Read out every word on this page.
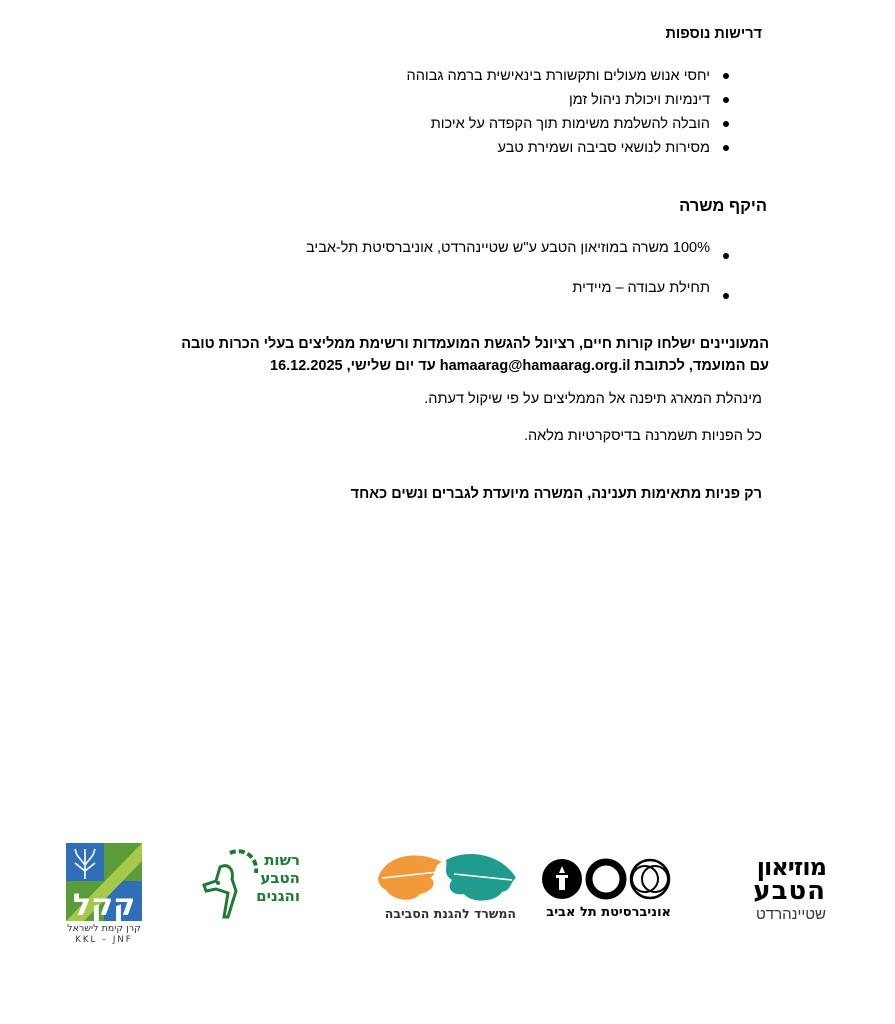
דרישות נוספות
יחסי אנוש מעולים ותקשורת בינאישית ברמה גבוהה
דינמיות ויכולת ניהול זמן
הובלה להשלמת משימות תוך הקפדה על איכות
מסירות לנושאי סביבה ושמירת טבע
היקף משרה
100% משרה במוזיאון הטבע ע"ש שטיינהרדט, אוניברסיטת תל-אביב
תחילת עבודה – מיידית
המעוניינים ישלחו קורות חיים, רציונל להגשת המועמדות ורשימת ממליצים בעלי הכרות טובה
עם המועמד, לכתובת hamaarag@hamaarag.org.il עד יום שלישי, 16.12.2025
מינהלת המארג תיפנה אל הממליצים על פי שיקול דעתה.
כל הפניות תשמרנה בדיסקרטיות מלאה.
רק פניות מתאימות תענינה, המשרה מיועדת לגברים ונשים כאחד
מוזיאון
הטבע
שטיינהרדט
אוניברסיטת תל אביב
המשרד להגנת הסביבה
רשות
הטבע
והגנים
קקל
קרן קימת לישראל
KKL – JNF
